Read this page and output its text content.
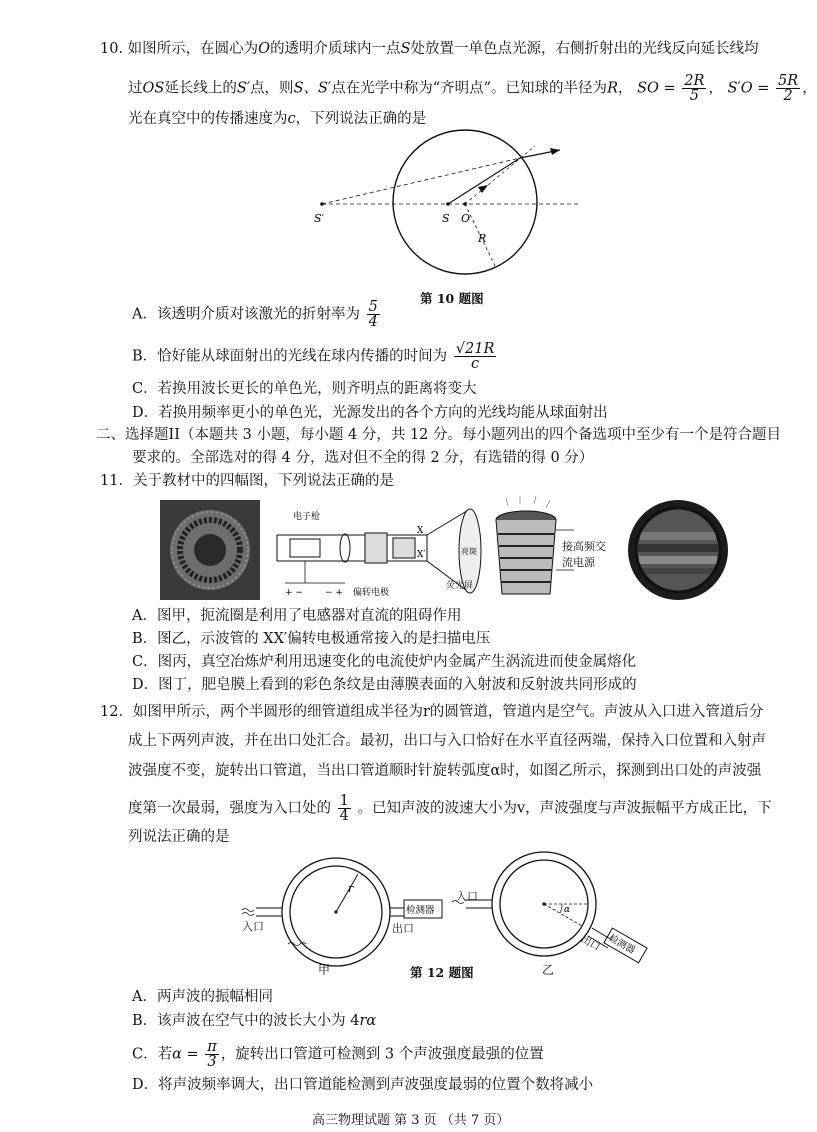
10. 如图所示，在圆心为O的透明介质球内一点S处放置一单色点光源，右侧折射出的光线反向延长线均
过OS延长线上的S′点，则S、S′点在光学中称为“齐明点”。已知球的半径为R， SO = $\frac{2R}{5}$ ， $S'O = \frac{5R}{2}$ ，
光在真空中的传播速度为c，下列说法正确的是
S′	S O
R
第 10 题图
A．该透明介质对该激光的折射率为 $\frac{5}{4}$
B．恰好能从球面射出的光线在球内传播的时间为 $\frac{√21R}{c}$
C．若换用波长更长的单色光，则齐明点的距离将变大
D．若换用频率更小的单色光，光源发出的各个方向的光线均能从球面射出
二、选择题II（本题共 3 小题，每小题 4 分，共 12 分。每小题列出的四个备选项中至少有一个是符合题目
要求的。全部选对的得 4 分，选对但不全的得 2 分，有选错的得 0 分）
11．关于教材中的四幅图，下列说法正确的是
电子枪
X
X′
偏转电极
亮斑
+ − − +
荧光屏
接高频交
流电源
A．图甲，扼流圈是利用了电感器对直流的阻碍作用
B．图乙，示波管的 XX′偏转电极通常接入的是扫描电压
C．图丙，真空冶炼炉利用迅速变化的电流使炉内金属产生涡流进而使金属熔化
D．图丁，肥皂膜上看到的彩色条纹是由薄膜表面的入射波和反射波共同形成的
12．如图甲所示，两个半圆形的细管道组成半径为r的圆管道，管道内是空气。声波从入口进入管道后分
成上下两列声波，并在出口处汇合。最初，出口与入口恰好在水平直径两端，保持入口位置和入射声
波强度不变，旋转出口管道，当出口管道顺时针旋转弧度α时，如图乙所示，探测到出口处的声波强
度第一次最弱，强度为入口处的 $\frac{1}{4}$ 。已知声波的波速大小为v，声波强度与声波振幅平方成正比，下
列说法正确的是
r
检测器
入口	出口
甲
检测器
α
入口
出口
乙
第 12 题图
A．两声波的振幅相同
B．该声波在空气中的波长大小为 4rα
C．若$\alpha = \frac{\pi}{3}$ ，旋转出口管道可检测到 3 个声波强度最强的位置
D．将声波频率调大，出口管道能检测到声波强度最弱的位置个数将减小
高三物理试题 第 3 页 （共 7 页）
